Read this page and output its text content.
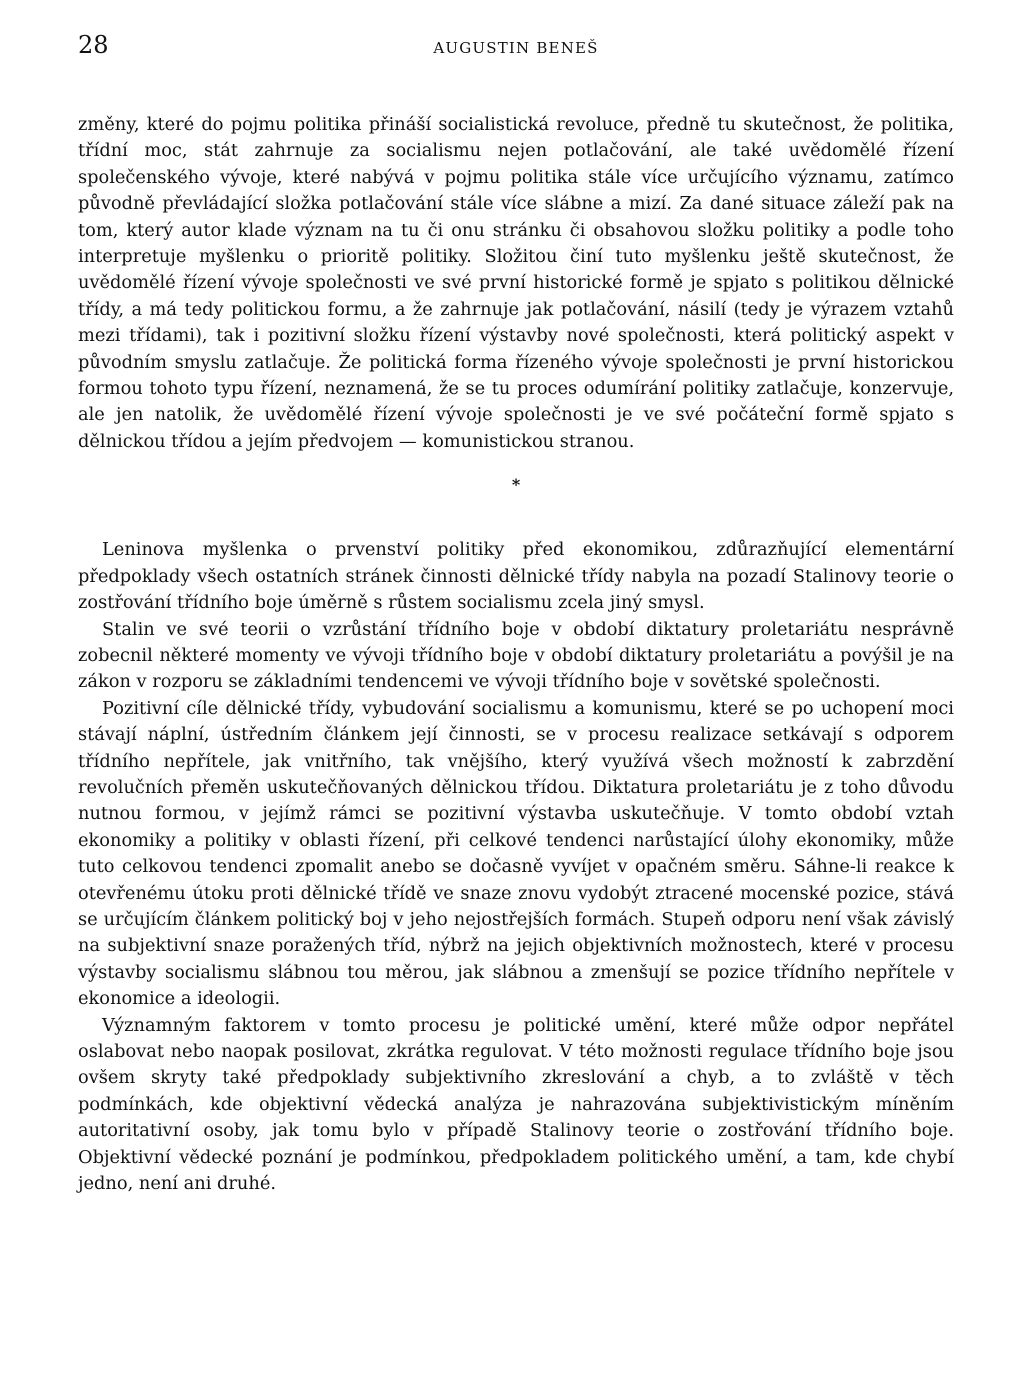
28	AUGUSTIN BENEŠ

změny, které do pojmu politika přináší socialistická revoluce, předně tu skutečnost, že politika, třídní moc, stát zahrnuje za socialismu nejen potlačování, ale také uvědomělé řízení společenského vývoje, které nabývá v pojmu politika stále více určujícího významu, zatímco původně převládající složka potlačování stále více slábne a mizí. Za dané situace záleží pak na tom, který autor klade význam na tu či onu stránku či obsahovou složku politiky a podle toho interpretuje myšlenku o prioritě politiky. Složitou činí tuto myšlenku ještě skutečnost, že uvědomělé řízení vývoje společnosti ve své první historické formě je spjato s politikou dělnické třídy, a má tedy politickou formu, a že zahrnuje jak potlačování, násilí (tedy je výrazem vztahů mezi třídami), tak i pozitivní složku řízení výstavby nové společnosti, která politický aspekt v původním smyslu zatlačuje. Že politická forma řízeného vývoje společnosti je první historickou formou tohoto typu řízení, neznamená, že se tu proces odumírání politiky zatlačuje, konzervuje, ale jen natolik, že uvědomělé řízení vývoje společnosti je ve své počáteční formě spjato s dělnickou třídou a jejím předvojem — komunistickou stranou.

*

Leninova myšlenka o prvenství politiky před ekonomikou, zdůrazňující elementární předpoklady všech ostatních stránek činnosti dělnické třídy nabyla na pozadí Stalinovy teorie o zostřování třídního boje úměrně s růstem socialismu zcela jiný smysl.

Stalin ve své teorii o vzrůstání třídního boje v období diktatury proletariátu nesprávně zobecnil některé momenty ve vývoji třídního boje v období diktatury proletariátu a povýšil je na zákon v rozporu se základními tendencemi ve vývoji třídního boje v sovětské společnosti.

Pozitivní cíle dělnické třídy, vybudování socialismu a komunismu, které se po uchopení moci stávají náplní, ústředním článkem její činnosti, se v procesu realizace setkávají s odporem třídního nepřítele, jak vnitřního, tak vnějšího, který využívá všech možností k zabrzdění revolučních přeměn uskutečňovaných dělnickou třídou. Diktatura proletariátu je z toho důvodu nutnou formou, v jejímž rámci se pozitivní výstavba uskutečňuje. V tomto období vztah ekonomiky a politiky v oblasti řízení, při celkové tendenci narůstající úlohy ekonomiky, může tuto celkovou tendenci zpomalit anebo se dočasně vyvíjet v opačném směru. Sáhne-li reakce k otevřenému útoku proti dělnické třídě ve snaze znovu vydobýt ztracené mocenské pozice, stává se určujícím článkem politický boj v jeho nejostřejších formách. Stupeň odporu není však závislý na subjektivní snaze poražených tříd, nýbrž na jejich objektivních možnostech, které v procesu výstavby socialismu slábnou tou měrou, jak slábnou a zmenšují se pozice třídního nepřítele v ekonomice a ideologii.

Významným faktorem v tomto procesu je politické umění, které může odpor nepřátel oslabovat nebo naopak posilovat, zkrátka regulovat. V této možnosti regulace třídního boje jsou ovšem skryty také předpoklady subjektivního zkreslování a chyb, a to zvláště v těch podmínkách, kde objektivní vědecká analýza je nahrazována subjektivistickým míněním autoritativní osoby, jak tomu bylo v případě Stalinovy teorie o zostřování třídního boje. Objektivní vědecké poznání je podmínkou, předpokladem politického umění, a tam, kde chybí jedno, není ani druhé.
